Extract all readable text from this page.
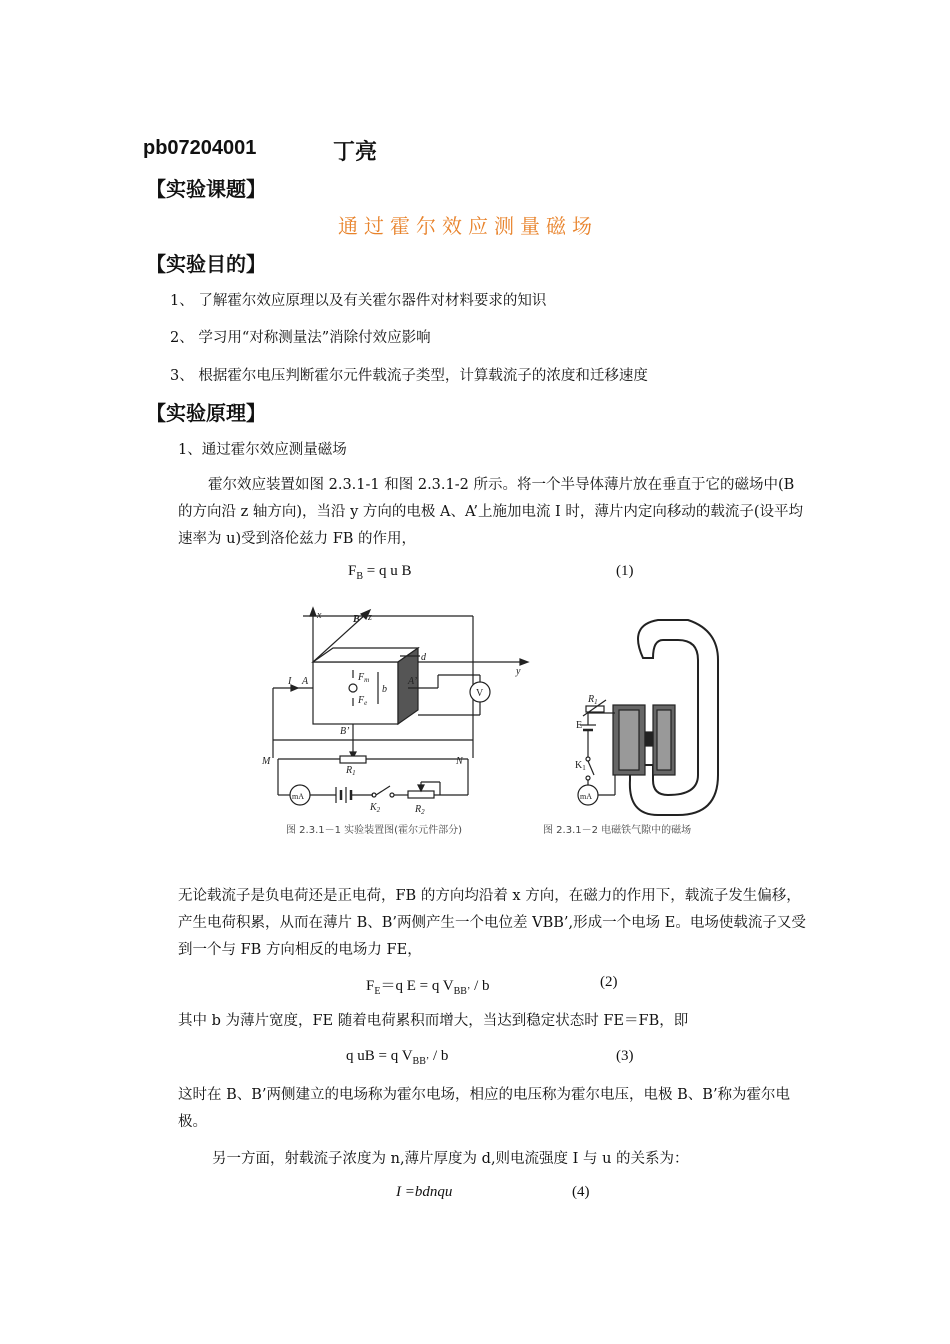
pb07204001	丁亮
【实验课题】
通过霍尔效应测量磁场
【实验目的】
1、 了解霍尔效应原理以及有关霍尔器件对材料要求的知识
2、 学习用“对称测量法”消除付效应影响
3、 根据霍尔电压判断霍尔元件载流子类型，计算载流子的浓度和迁移速度
【实验原理】
1、通过霍尔效应测量磁场
霍尔效应装置如图 2.3.1-1 和图 2.3.1-2 所示。将一个半导体薄片放在垂直于它的磁场中(B 的方向沿 z 轴方向)，当沿 y 方向的电极 A、A’上施加电流 I 时，薄片内定向移动的载流子(设平均速率为 u)受到洛伦兹力 FB 的作用，
$F_B = q$ u B	(1)
x
y
z
B
d
I A	A’
$F_m$
$F_e$
b
B’
M	N
$R_1$
$R_2$
$K_2$
V
mA
E
$K_1$
$R_1$
mA
图 2.3.1－1 实验装置图(霍尔元件部分)	图 2.3.1－2 电磁铁气隙中的磁场
无论载流子是负电荷还是正电荷，FB 的方向均沿着 x 方向，在磁力的作用下，载流子发生偏移，产生电荷积累，从而在薄片 B、B’两侧产生一个电位差 VBB’,形成一个电场 E。电场使载流子又受到一个与 FB 方向相反的电场力 FE，
$F_E=q$ E = q $V_{BB’}$ / b	(2)
其中 b 为薄片宽度，FE 随着电荷累积而增大，当达到稳定状态时 FE＝FB，即
q uB = q $V_{BB’}$ / b	(3)
这时在 B、B’两侧建立的电场称为霍尔电场，相应的电压称为霍尔电压，电极 B、B’称为霍尔电极。
另一方面，射载流子浓度为 n,薄片厚度为 d,则电流强度 I 与 u 的关系为：
I =bdnqu	(4)
